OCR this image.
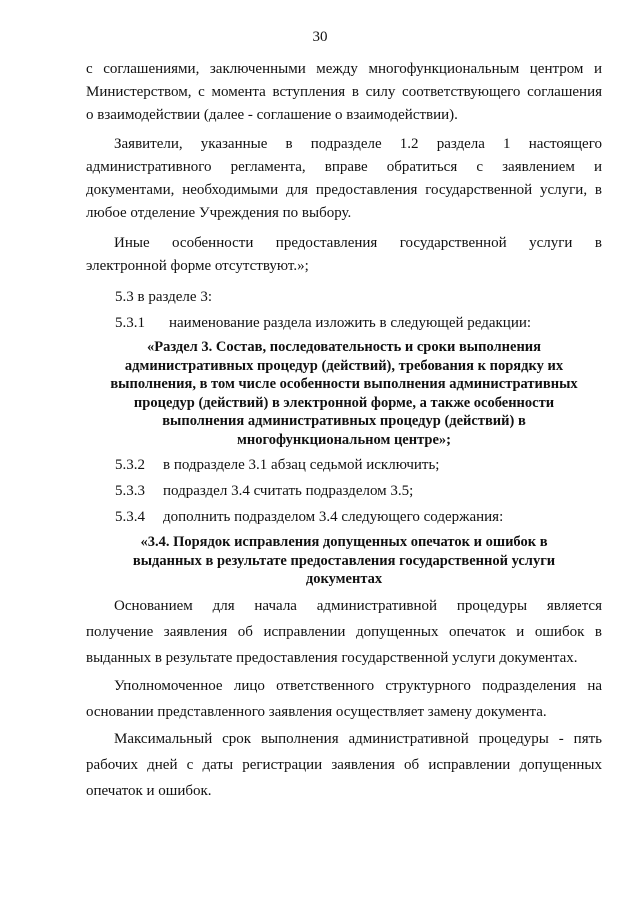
30
с соглашениями, заключенными между многофункциональным центром и
Министерством, с момента вступления в силу соответствующего соглашения
о взаимодействии (далее - соглашение о взаимодействии).
Заявители, указанные в подразделе 1.2 раздела 1 настоящего
административного регламента, вправе обратиться с заявлением и
документами, необходимыми для предоставления государственной услуги, в
любое отделение Учреждения по выбору.
Иные особенности предоставления государственной услуги в
электронной форме отсутствуют.»;
5.3 в разделе 3:
5.3.1 наименование раздела изложить в следующей редакции:
«Раздел 3. Состав, последовательность и сроки выполнения
административных процедур (действий), требования к порядку их
выполнения, в том числе особенности выполнения административных
процедур (действий) в электронной форме, а также особенности
выполнения административных процедур (действий) в
многофункциональном центре»;
5.3.2 в подразделе 3.1 абзац седьмой исключить;
5.3.3 подраздел 3.4 считать подразделом 3.5;
5.3.4 дополнить подразделом 3.4 следующего содержания:
«3.4. Порядок исправления допущенных опечаток и ошибок в
выданных в результате предоставления государственной услуги
документах
Основанием для начала административной процедуры является
получение заявления об исправлении допущенных опечаток и ошибок в
выданных в результате предоставления государственной услуги документах.
Уполномоченное лицо ответственного структурного подразделения на
основании представленного заявления осуществляет замену документа.
Максимальный срок выполнения административной процедуры - пять
рабочих дней с даты регистрации заявления об исправлении допущенных
опечаток и ошибок.
